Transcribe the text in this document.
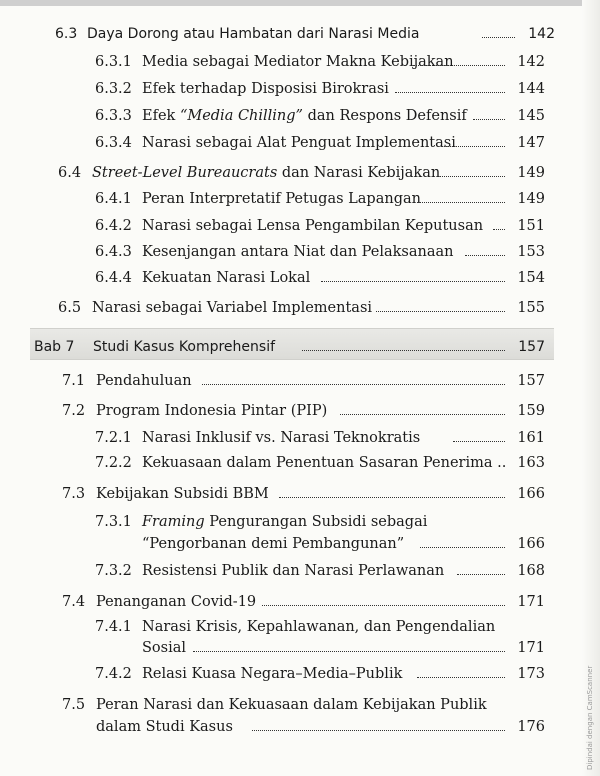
6.3 Daya Dorong atau Hambatan dari Narasi Media	142
6.3.1 Media sebagai Mediator Makna Kebijakan	142
6.3.2 Efek terhadap Disposisi Birokrasi	144
6.3.3 Efek “Media Chilling” dan Respons Defensif	145
6.3.4 Narasi sebagai Alat Penguat Implementasi	147
6.4 Street-Level Bureaucrats dan Narasi Kebijakan	149
6.4.1 Peran Interpretatif Petugas Lapangan	149
6.4.2 Narasi sebagai Lensa Pengambilan Keputusan 151
6.4.3 Kesenjangan antara Niat dan Pelaksanaan	153
6.4.4 Kekuatan Narasi Lokal	154
6.5 Narasi sebagai Variabel Implementasi	155
Bab 7 Studi Kasus Komprehensif	157
7.1 Pendahuluan	157
7.2 Program Indonesia Pintar (PIP)	159
7.2.1 Narasi Inklusif vs. Narasi Teknokratis	161
7.2.2 Kekuasaan dalam Penentuan Sasaran Penerima .. 163
7.3 Kebijakan Subsidi BBM	166
7.3.1 Framing Pengurangan Subsidi sebagai
“Pengorbanan demi Pembangunan”	166
7.3.2 Resistensi Publik dan Narasi Perlawanan	168
7.4 Penanganan Covid-19	171
7.4.1 Narasi Krisis, Kepahlawanan, dan Pengendalian
Sosial	171
7.4.2 Relasi Kuasa Negara–Media–Publik	173
7.5 Peran Narasi dan Kekuasaan dalam Kebijakan Publik
dalam Studi Kasus	176	Dipindai dengan CamScanner
